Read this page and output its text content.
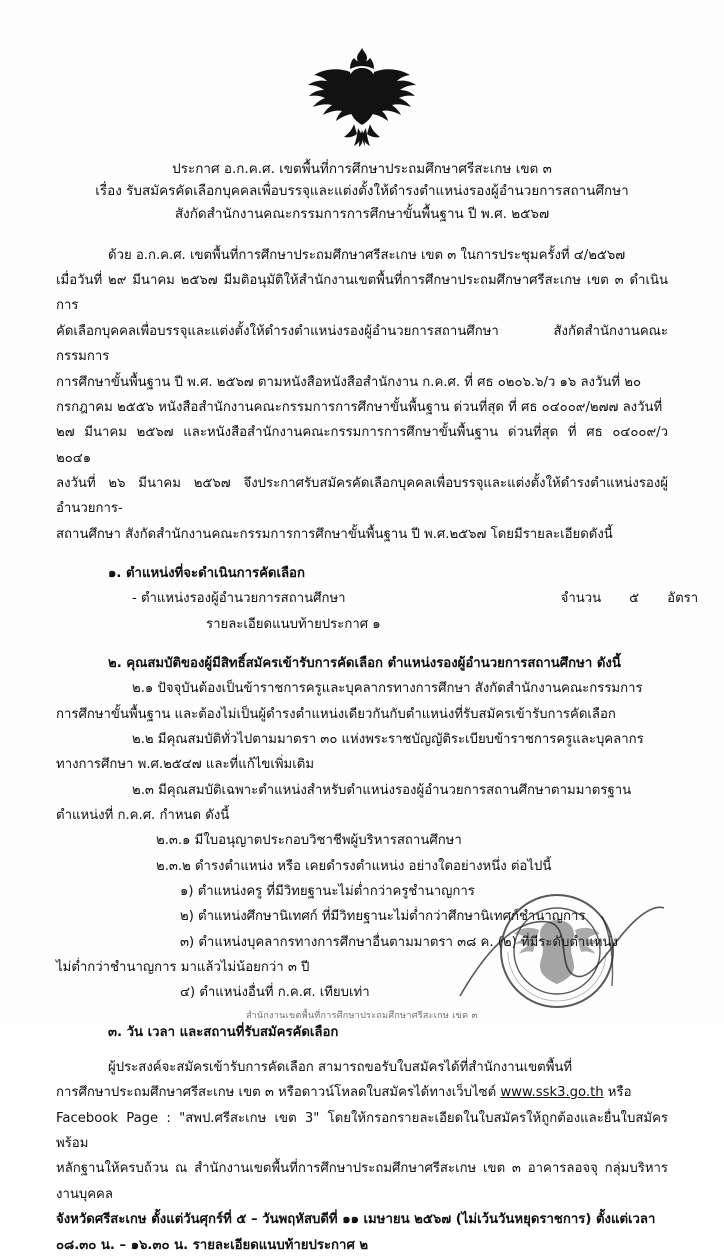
ประกาศ อ.ก.ค.ศ. เขตพื้นที่การศึกษาประถมศึกษาศรีสะเกษ เขต ๓
เรื่อง รับสมัครคัดเลือกบุคคลเพื่อบรรจุและแต่งตั้งให้ดำรงตำแหน่งรองผู้อำนวยการสถานศึกษา
สังกัดสำนักงานคณะกรรมการการศึกษาขั้นพื้นฐาน ปี พ.ศ. ๒๕๖๗

ด้วย อ.ก.ค.ศ. เขตพื้นที่การศึกษาประถมศึกษาศรีสะเกษ เขต ๓ ในการประชุมครั้งที่ ๔/๒๕๖๗

เมื่อวันที่ ๒๙ มีนาคม ๒๕๖๗ มีมติอนุมัติให้สำนักงานเขตพื้นที่การศึกษาประถมศึกษาศรีสะเกษ เขต ๓ ดำเนินการ

คัดเลือกบุคคลเพื่อบรรจุและแต่งตั้งให้ดำรงตำแหน่งรองผู้อำนวยการสถานศึกษา สังกัดสำนักงานคณะกรรมการ

การศึกษาขั้นพื้นฐาน ปี พ.ศ. ๒๕๖๗ ตามหนังสือหนังสือสำนักงาน ก.ค.ศ. ที่ ศธ ๐๒๐๖.๖/ว ๑๖ ลงวันที่ ๒๐

กรกฎาคม ๒๕๕๖ หนังสือสำนักงานคณะกรรมการการศึกษาขั้นพื้นฐาน ด่วนที่สุด ที่ ศธ ๐๔๐๐๙/๒๗๗ ลงวันที่

๒๗ มีนาคม ๒๕๖๗ และหนังสือสำนักงานคณะกรรมการการศึกษาขั้นพื้นฐาน ด่วนที่สุด ที่ ศธ ๐๔๐๐๙/ว ๒๐๔๑

ลงวันที่ ๒๖ มีนาคม ๒๕๖๗ จึงประกาศรับสมัครคัดเลือกบุคคลเพื่อบรรจุและแต่งตั้งให้ดำรงตำแหน่งรองผู้อำนวยการ-

สถานศึกษา สังกัดสำนักงานคณะกรรมการการศึกษาขั้นพื้นฐาน ปี พ.ศ.๒๕๖๗ โดยมีรายละเอียดดังนี้

๑. ตำแหน่งที่จะดำเนินการคัดเลือก
- ตำแหน่งรองผู้อำนวยการสถานศึกษา	จำนวน ๕ อัตรา
รายละเอียดแนบท้ายประกาศ ๑
๒. คุณสมบัติของผู้มีสิทธิ์สมัครเข้ารับการคัดเลือก ตำแหน่งรองผู้อำนวยการสถานศึกษา ดังนี้
๒.๑ ปัจจุบันต้องเป็นข้าราชการครูและบุคลากรทางการศึกษา สังกัดสำนักงานคณะกรรมการ
การศึกษาขั้นพื้นฐาน และต้องไม่เป็นผู้ดำรงตำแหน่งเดียวกันกับตำแหน่งที่รับสมัครเข้ารับการคัดเลือก
๒.๒ มีคุณสมบัติทั่วไปตามมาตรา ๓๐ แห่งพระราชบัญญัติระเบียบข้าราชการครูและบุคลากร
ทางการศึกษา พ.ศ.๒๕๔๗ และที่แก้ไขเพิ่มเติม
๒.๓ มีคุณสมบัติเฉพาะตำแหน่งสำหรับตำแหน่งรองผู้อำนวยการสถานศึกษาตามมาตรฐาน
ตำแหน่งที่ ก.ค.ศ. กำหนด ดังนี้
๒.๓.๑ มีใบอนุญาตประกอบวิชาชีพผู้บริหารสถานศึกษา
๒.๓.๒ ดำรงตำแหน่ง หรือ เคยดำรงตำแหน่ง อย่างใดอย่างหนึ่ง ต่อไปนี้
๑) ตำแหน่งครู ที่มีวิทยฐานะไม่ต่ำกว่าครูชำนาญการ
๒) ตำแหน่งศึกษานิเทศก์ ที่มีวิทยฐานะไม่ต่ำกว่าศึกษานิเทศก์ชำนาญการ
๓) ตำแหน่งบุคลากรทางการศึกษาอื่นตามมาตรา ๓๘ ค. (๒) ที่มีระดับตำแหน่ง
ไม่ต่ำกว่าชำนาญการ มาแล้วไม่น้อยกว่า ๓ ปี
๔) ตำแหน่งอื่นที่ ก.ค.ศ. เทียบเท่า
๓. วัน เวลา และสถานที่รับสมัครคัดเลือก

ผู้ประสงค์จะสมัครเข้ารับการคัดเลือก สามารถขอรับใบสมัครได้ที่สำนักงานเขตพื้นที่

การศึกษาประถมศึกษาศรีสะเกษ เขต ๓ หรือดาวน์โหลดใบสมัครได้ทางเว็บไซต์ www.ssk3.go.th หรือ

Facebook Page : "สพป.ศรีสะเกษ เขต 3" โดยให้กรอกรายละเอียดในใบสมัครให้ถูกต้องและยื่นใบสมัครพร้อม

หลักฐานให้ครบถ้วน ณ สำนักงานเขตพื้นที่การศึกษาประถมศึกษาศรีสะเกษ เขต ๓ อาคารลอจจุ กลุ่มบริหารงานบุคคล

จังหวัดศรีสะเกษ ตั้งแต่วันศุกร์ที่ ๕ – วันพฤหัสบดีที่ ๑๑ เมษายน ๒๕๖๗ (ไม่เว้นวันหยุดราชการ) ตั้งแต่เวลา

๐๘.๓๐ น. – ๑๖.๓๐ น. รายละเอียดแนบท้ายประกาศ ๒

สำนักงานเขตพื้นที่การศึกษาประถมศึกษาศรีสะเกษ เขต ๓
